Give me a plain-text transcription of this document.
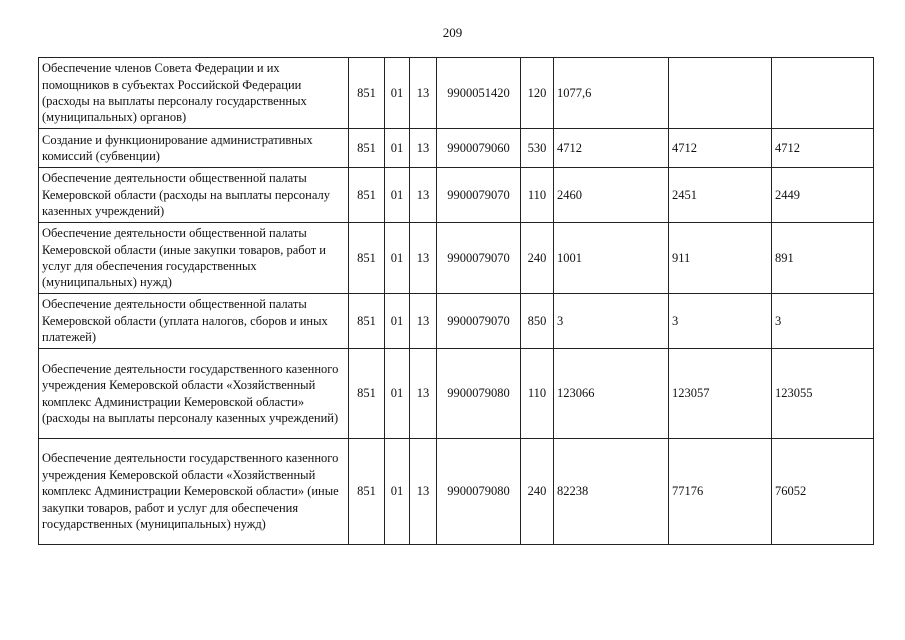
209
Обеспечение членов Совета Федерации и их помощников в субъектах Российской Федерации (расходы на выплаты персоналу государственных (муниципальных) органов)	851	01	13	9900051420	120	1077,6		
Создание и функционирование административных комиссий (субвенции)	851	01	13	9900079060	530	4712	4712	4712
Обеспечение деятельности общественной палаты Кемеровской области (расходы на выплаты персоналу казенных учреждений)	851	01	13	9900079070	110	2460	2451	2449
Обеспечение деятельности общественной палаты Кемеровской области (иные закупки товаров, работ и услуг для обеспечения государственных (муниципальных) нужд)	851	01	13	9900079070	240	1001	911	891
Обеспечение деятельности общественной палаты Кемеровской области (уплата налогов, сборов и иных платежей)	851	01	13	9900079070	850	3	3	3
Обеспечение деятельности государственного казенного учреждения Кемеровской области «Хозяйственный комплекс Администрации Кемеровской области» (расходы на выплаты персоналу казенных учреждений)	851	01	13	9900079080	110	123066	123057	123055
Обеспечение деятельности государственного казенного учреждения Кемеровской области «Хозяйственный комплекс Администрации Кемеровской области» (иные закупки товаров, работ и услуг для обеспечения государственных (муниципальных) нужд)	851	01	13	9900079080	240	82238	77176	76052
